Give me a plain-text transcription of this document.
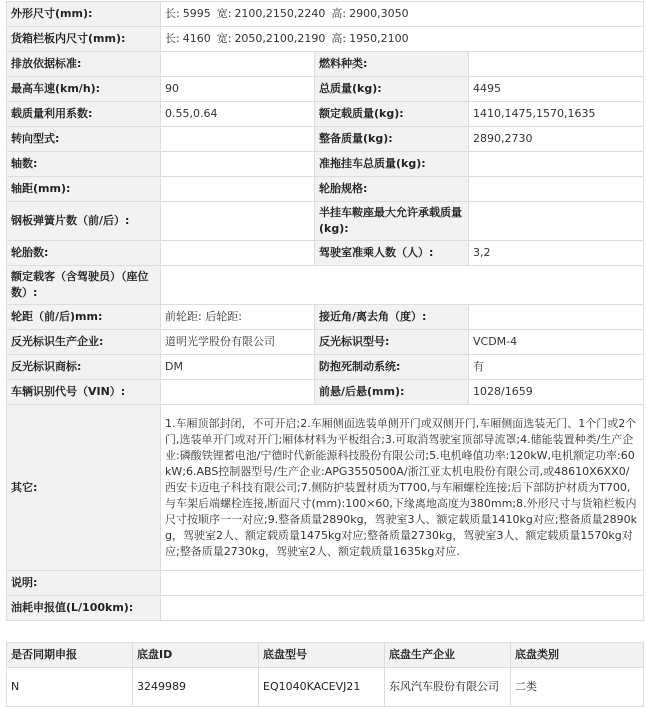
外形尺寸(mm):	长: 5995 宽: 2100,2150,2240 高: 2900,3050		
货箱栏板内尺寸(mm):	长: 4160 宽: 2050,2100,2190 高: 1950,2100		
排放依据标准:		燃料种类:	
最高车速(km/h):	90	总质量(kg):	4495
载质量利用系数:	0.55,0.64	额定载质量(kg):	1410,1475,1570,1635
转向型式:		整备质量(kg):	2890,2730
轴数:		准拖挂车总质量(kg):	
轴距(mm):		轮胎规格:	
钢板弹簧片数（前/后）:		半挂车鞍座最大允许承载质量(kg):	
轮胎数:		驾驶室准乘人数（人）:	3,2
额定载客（含驾驶员）（座位数）:			
轮距（前/后)mm:	前轮距: 后轮距:	接近角/离去角（度）:	
反光标识生产企业:	道明光学股份有限公司	反光标识型号:	VCDM-4
反光标识商标:	DM	防抱死制动系统:	有
车辆识别代号（VIN）:		前悬/后悬(mm):	1028/1659
其它:	1.车厢顶部封闭，不可开启;2.车厢侧面选装单侧开门或双侧开门,车厢侧面选装无门、1个门或2个门,选装单开门或对开门;厢体材料为平板组合;3.可取消驾驶室顶部导流罩;4.储能装置种类/生产企业:磷酸铁锂蓄电池/宁德时代新能源科技股份有限公司;5.电机峰值功率:120kW,电机额定功率:60kW;6.ABS控制器型号/生产企业:APG3550500A/浙江亚太机电股份有限公司,或48610X6XX0/西安卡迈电子科技有限公司;7.侧防护装置材质为T700,与车厢螺栓连接;后下部防护材质为T700,与车架后端螺栓连接,断面尺寸(mm):100×60,下缘离地高度为380mm;8.外形尺寸与货箱栏板内尺寸按顺序一一对应;9.整备质量2890kg，驾驶室3人、额定载质量1410kg对应;整备质量2890kg，驾驶室2人、额定载质量1475kg对应;整备质量2730kg，驾驶室3人、额定载质量1570kg对应;整备质量2730kg，驾驶室2人、额定载质量1635kg对应.		
说明:			
油耗申报值(L/100km):			
是否同期申报	底盘ID	底盘型号	底盘生产企业	底盘类别
N	3249989	EQ1040KACEVJ21	东风汽车股份有限公司	二类
